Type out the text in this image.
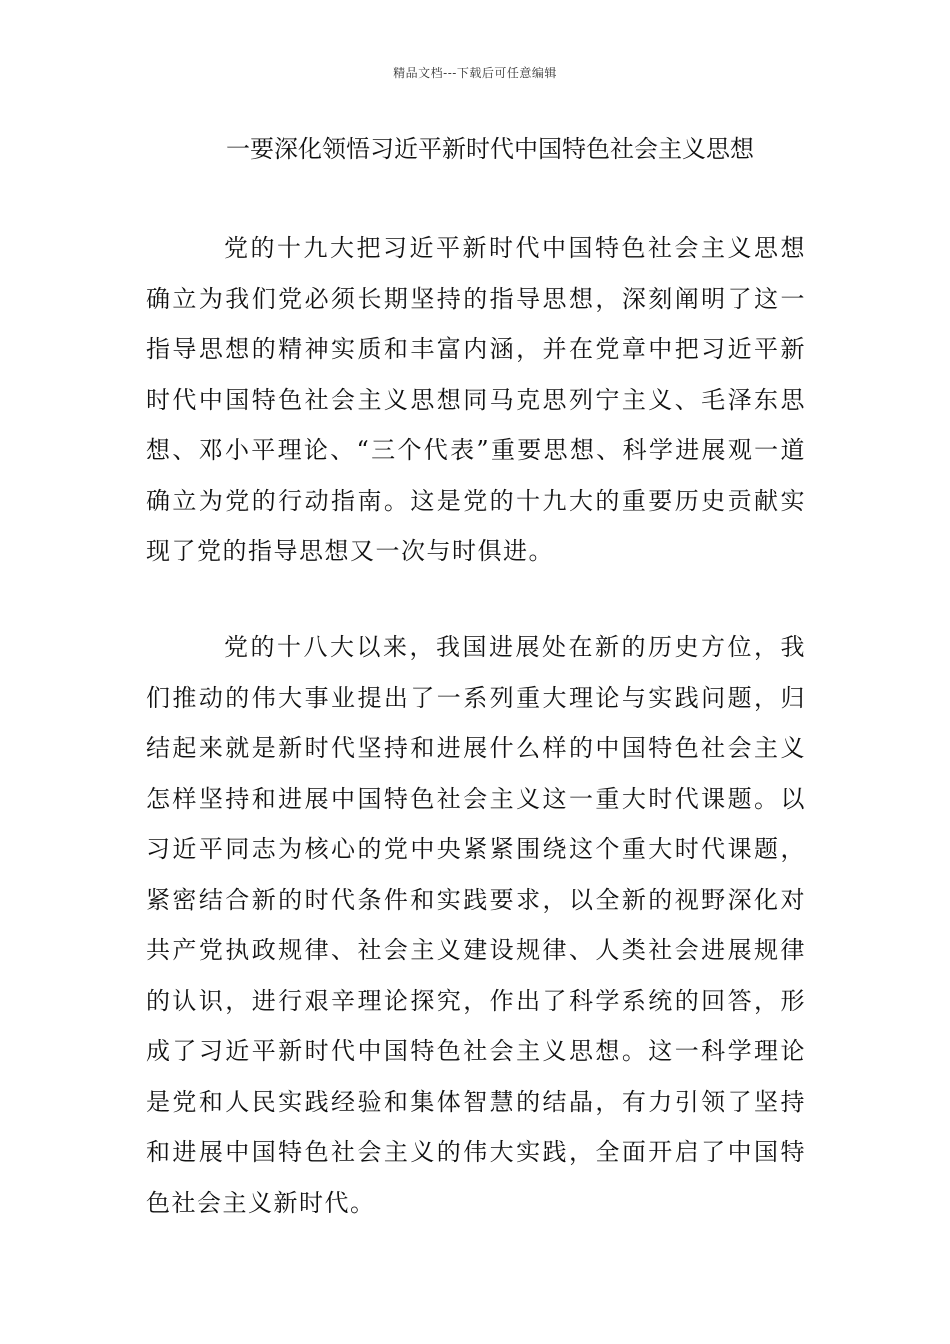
精品文档---下载后可任意编辑
一要深化领悟习近平新时代中国特色社会主义思想

党的十九大把习近平新时代中国特色社会主义思想确立为我们党必须长期坚持的指导思想，深刻阐明了这一指导思想的精神实质和丰富内涵，并在党章中把习近平新时代中国特色社会主义思想同马克思列宁主义、毛泽东思想、邓小平理论、“三个代表”重要思想、科学进展观一道确立为党的行动指南。这是党的十九大的重要历史贡献实现了党的指导思想又一次与时俱进。

党的十八大以来，我国进展处在新的历史方位，我们推动的伟大事业提出了一系列重大理论与实践问题，归结起来就是新时代坚持和进展什么样的中国特色社会主义怎样坚持和进展中国特色社会主义这一重大时代课题。以习近平同志为核心的党中央紧紧围绕这个重大时代课题，紧密结合新的时代条件和实践要求，以全新的视野深化对共产党执政规律、社会主义建设规律、人类社会进展规律的认识，进行艰辛理论探究，作出了科学系统的回答，形成了习近平新时代中国特色社会主义思想。这一科学理论是党和人民实践经验和集体智慧的结晶，有力引领了坚持和进展中国特色社会主义的伟大实践，全面开启了中国特色社会主义新时代。
